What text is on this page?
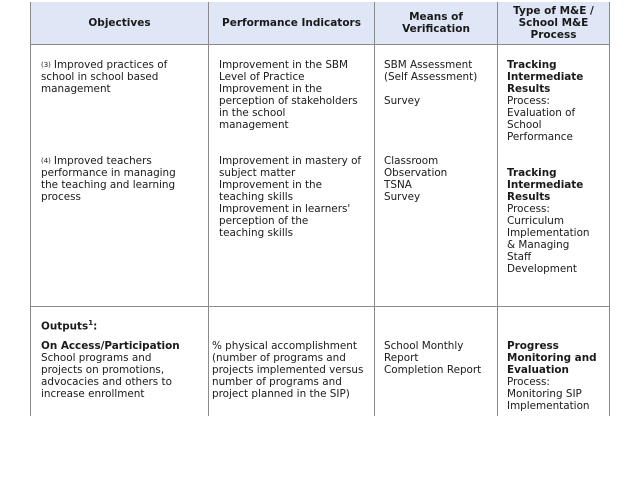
Objectives	Performance Indicators	Means of
Verification
Type of M&E /
School M&E
Process
(3) Improved practices of
school in school based
management
Improvement in the SBM
Level of Practice
Improvement in the
perception of stakeholders
in the school
management
SBM Assessment
(Self Assessment)

Survey
Tracking
Intermediate
Results
Process:
Evaluation of
School
Performance
(4) Improved teachers
performance in managing
the teaching and learning
process
Improvement in mastery of
subject matter
Improvement in the
teaching skills
Improvement in learners'
perception of the
teaching skills
Classroom
Observation
TSNA
Survey
Tracking
Intermediate
Results
Process:
Curriculum
Implementation
& Managing
Staff
Development
Outputs$^1$:
On Access/Participation
School programs and
projects on promotions,
advocacies and others to
increase enrollment
% physical accomplishment
(number of programs and
projects implemented versus
number of programs and
project planned in the SIP)
School Monthly
Report
Completion Report
Progress
Monitoring and
Evaluation
Process:
Monitoring SIP
Implementation
